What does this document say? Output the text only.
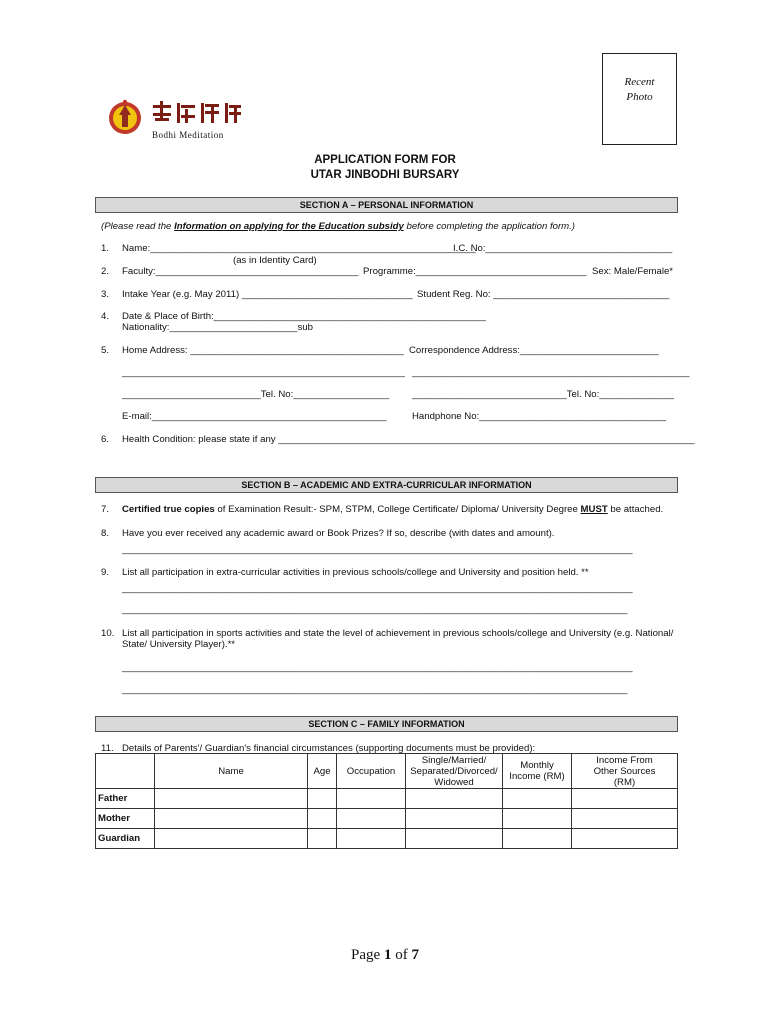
Recent
Photo
Bodhi Meditation
APPLICATION FORM FOR
UTAR JINBODHI BURSARY
SECTION A – PERSONAL INFORMATION
(Please read the Information on applying for the Education subsidy before completing the application form.)
1. Name:_____________________________________________________________
I.C. No:___________________________________
(as in Identity Card)
2. Faculty:______________________________________ Programme:________________________________ Sex: Male/Female*
3. Intake Year (e.g. May 2011) ________________________________ Student Reg. No: _________________________________
4. Date & Place of Birth:___________________________________________________
Nationality:________________________sub
5. Home Address: ________________________________________ Correspondence Address:__________________________
_____________________________________________________ ____________________________________________________
__________________________Tel. No:__________________ _____________________________Tel. No:______________
E-mail:____________________________________________	Handphone No:___________________________________
6. Health Condition: please state if any ______________________________________________________________________________
SECTION B – ACADEMIC AND EXTRA-CURRICULAR INFORMATION
7. Certified true copies of Examination Result:- SPM, STPM, College Certificate/ Diploma/ University Degree MUST be attached.
8. Have you ever received any academic award or Book Prizes? If so, describe (with dates and amount).
______________________________________________________________________________________________________
9. List all participation in extra-curricular activities in previous schools/college and University and position held. **
______________________________________________________________________________________________________
_____________________________________________________________________________________________________
10. List all participation in sports activities and state the level of achievement in previous schools/college and University (e.g. National/
State/ University Player).**
______________________________________________________________________________________________________
_____________________________________________________________________________________________________
SECTION C – FAMILY INFORMATION
11. Details of Parents'/ Guardian's financial circumstances (supporting documents must be provided):
	Name	Age	Occupation	Single/Married/
Separated/Divorced/
Widowed	Monthly
Income (RM)	Income From
Other Sources
(RM)
Father						
Mother						
Guardian						
Page 1 of 7
